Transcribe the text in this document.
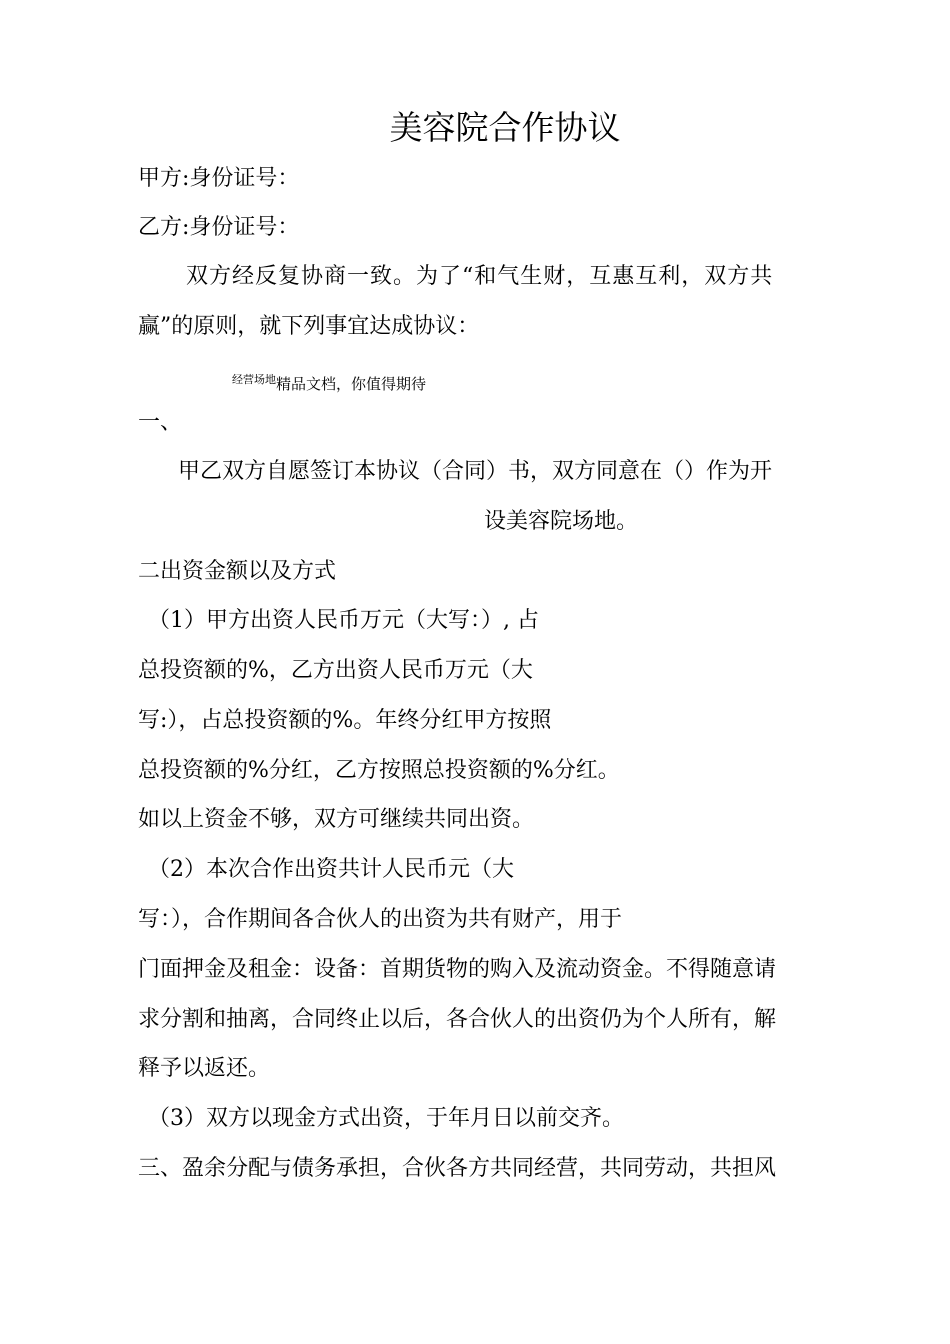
美容院合作协议
甲方:身份证号：
乙方:身份证号：
双方经反复协商一致。为了“和气生财，互惠互利，双方共
赢”的原则，就下列事宜达成协议：
$^{经营场地}$精品文档，你值得期待
一、
甲乙双方自愿签订本协议（合同）书，双方同意在（）作为开
设美容院场地。
二出资金额以及方式
（1）甲方出资人民币万元（大写：）, 占
总投资额的%，乙方出资人民币万元（大
写:），占总投资额的%。年终分红甲方按照
总投资额的%分红，乙方按照总投资额的%分红。
如以上资金不够，双方可继续共同出资。
（2）本次合作出资共计人民币元（大
写：），合作期间各合伙人的出资为共有财产，用于
门面押金及租金：设备：首期货物的购入及流动资金。不得随意请
求分割和抽离，合同终止以后，各合伙人的出资仍为个人所有，解
释予以返还。
（3）双方以现金方式出资，于年月日以前交齐。
三、盈余分配与债务承担，合伙各方共同经营，共同劳动，共担风
